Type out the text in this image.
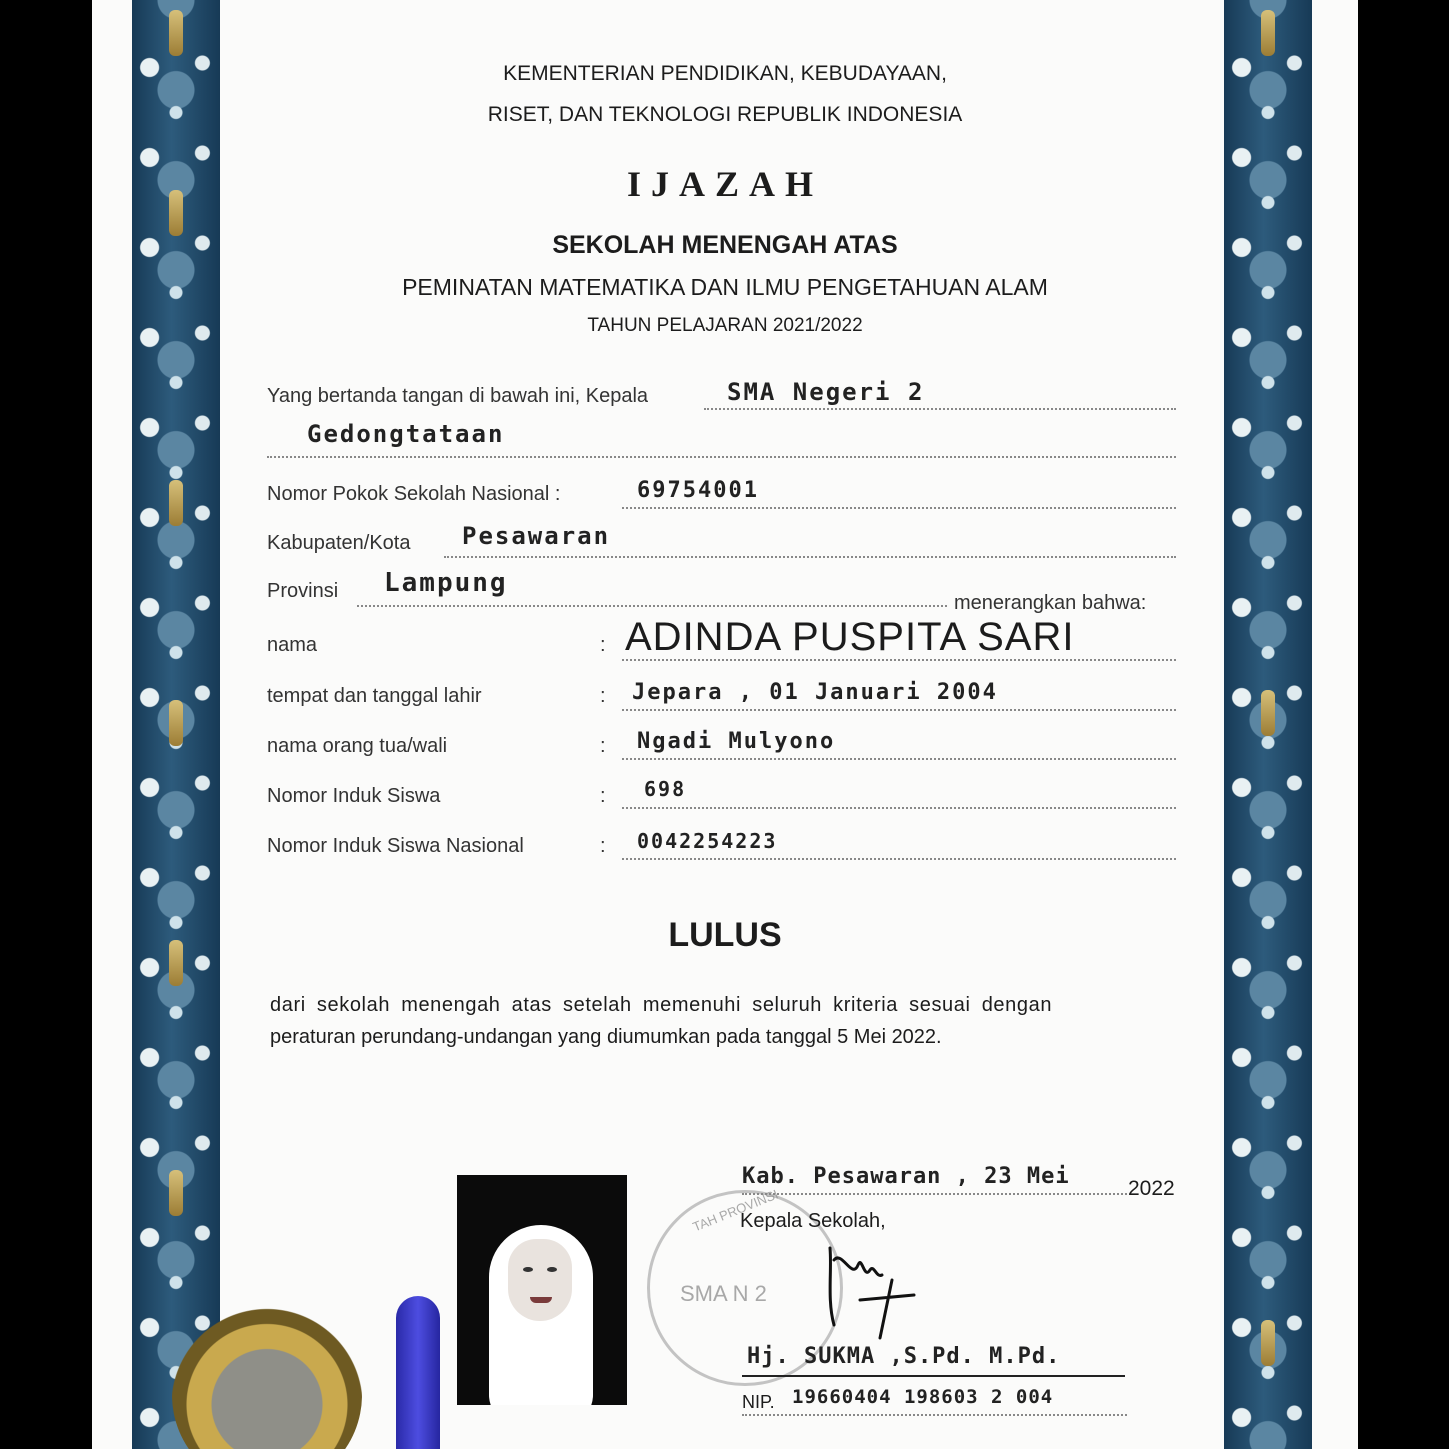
KEMENTERIAN PENDIDIKAN, KEBUDAYAAN,
RISET, DAN TEKNOLOGI REPUBLIK INDONESIA
IJAZAH
SEKOLAH MENENGAH ATAS
PEMINATAN MATEMATIKA DAN ILMU PENGETAHUAN ALAM
TAHUN PELAJARAN 2021/2022
Yang bertanda tangan di bawah ini, Kepala	SMA Negeri 2
Gedongtataan
Nomor Pokok Sekolah Nasional :	69754001
Kabupaten/Kota Pesawaran
Provinsi Lampung
menerangkan bahwa:
nama	: ADINDA PUSPITA SARI
tempat dan tanggal lahir	: Jepara , 01 Januari 2004
nama orang tua/wali	: Ngadi Mulyono
Nomor Induk Siswa	: 698
Nomor Induk Siswa Nasional	: 0042254223
LULUS
dari sekolah menengah atas setelah memenuhi seluruh kriteria sesuai dengan
peraturan perundang-undangan yang diumumkan pada tanggal 5 Mei 2022.
SMA N 2
TAH PROVINSI
Kab. Pesawaran , 23 Mei	2022
Kepala Sekolah,
Hj. SUKMA ,S.Pd. M.Pd.
NIP. 19660404 198603 2 004
